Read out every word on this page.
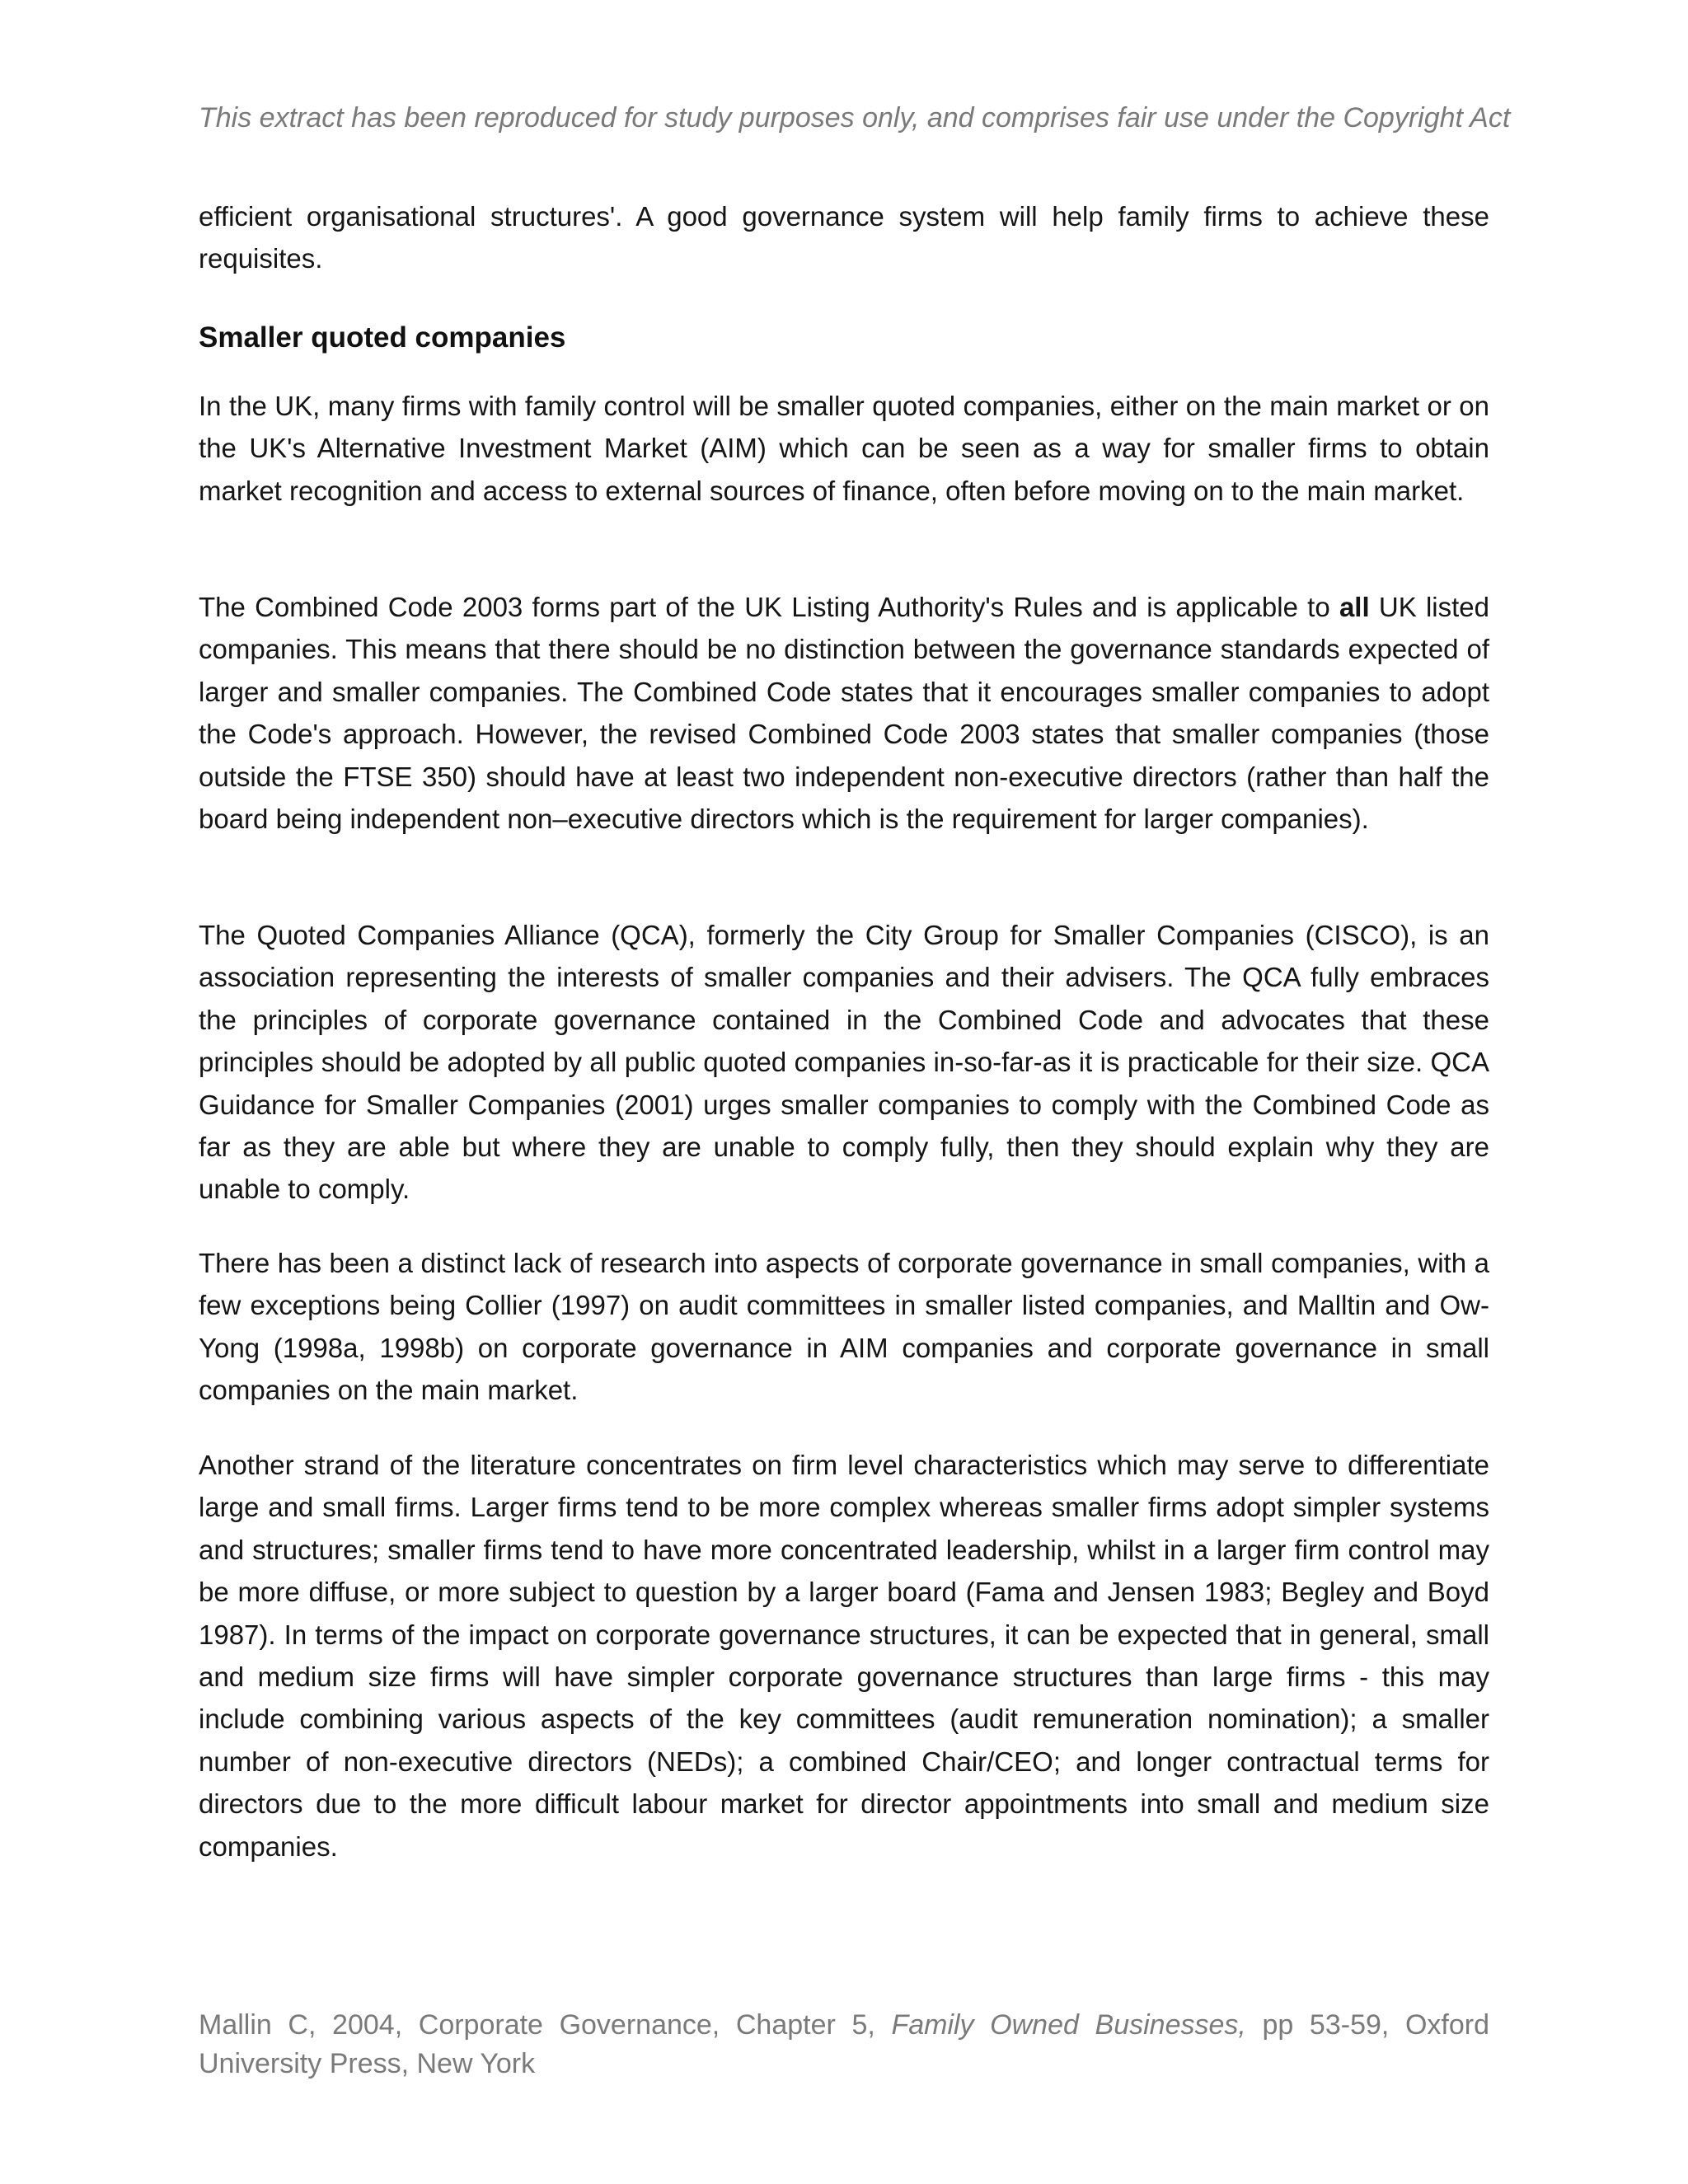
This extract has been reproduced for study purposes only, and comprises fair use under the Copyright Act

efficient organisational structures'. A good governance system will help family firms to achieve these requisites.

Smaller quoted companies

In the UK, many firms with family control will be smaller quoted companies, either on the main market or on the UK's Alternative Investment Market (AIM) which can be seen as a way for smaller firms to obtain market recognition and access to external sources of finance, often before moving on to the main market.

The Combined Code 2003 forms part of the UK Listing Authority's Rules and is applicable to all UK listed companies. This means that there should be no distinction between the governance standards expected of larger and smaller companies. The Combined Code states that it encourages smaller companies to adopt the Code's approach. However, the revised Combined Code 2003 states that smaller companies (those outside the FTSE 350) should have at least two independent non-executive directors (rather than half the board being independent non–executive directors which is the requirement for larger companies).

The Quoted Companies Alliance (QCA), formerly the City Group for Smaller Companies (CISCO), is an association representing the interests of smaller companies and their advisers. The QCA fully embraces the principles of corporate governance contained in the Combined Code and advocates that these principles should be adopted by all public quoted companies in-so-far-as it is practicable for their size. QCA Guidance for Smaller Companies (2001) urges smaller companies to comply with the Combined Code as far as they are able but where they are unable to comply fully, then they should explain why they are unable to comply.

There has been a distinct lack of research into aspects of corporate governance in small companies, with a few exceptions being Collier (1997) on audit committees in smaller listed companies, and Malltin and Ow-Yong (1998a, 1998b) on corporate governance in AIM companies and corporate governance in small companies on the main market.

Another strand of the literature concentrates on firm level characteristics which may serve to differentiate large and small firms. Larger firms tend to be more complex whereas smaller firms adopt simpler systems and structures; smaller firms tend to have more concentrated leadership, whilst in a larger firm control may be more diffuse, or more subject to question by a larger board (Fama and Jensen 1983; Begley and Boyd 1987). In terms of the impact on corporate governance structures, it can be expected that in general, small and medium size firms will have simpler corporate governance structures than large firms - this may include combining various aspects of the key committees (audit remuneration nomination); a smaller number of non-executive directors (NEDs); a combined Chair/CEO; and longer contractual terms for directors due to the more difficult labour market for director appointments into small and medium size companies.

Mallin C, 2004, Corporate Governance, Chapter 5, Family Owned Businesses, pp 53-59, Oxford University Press, New York
